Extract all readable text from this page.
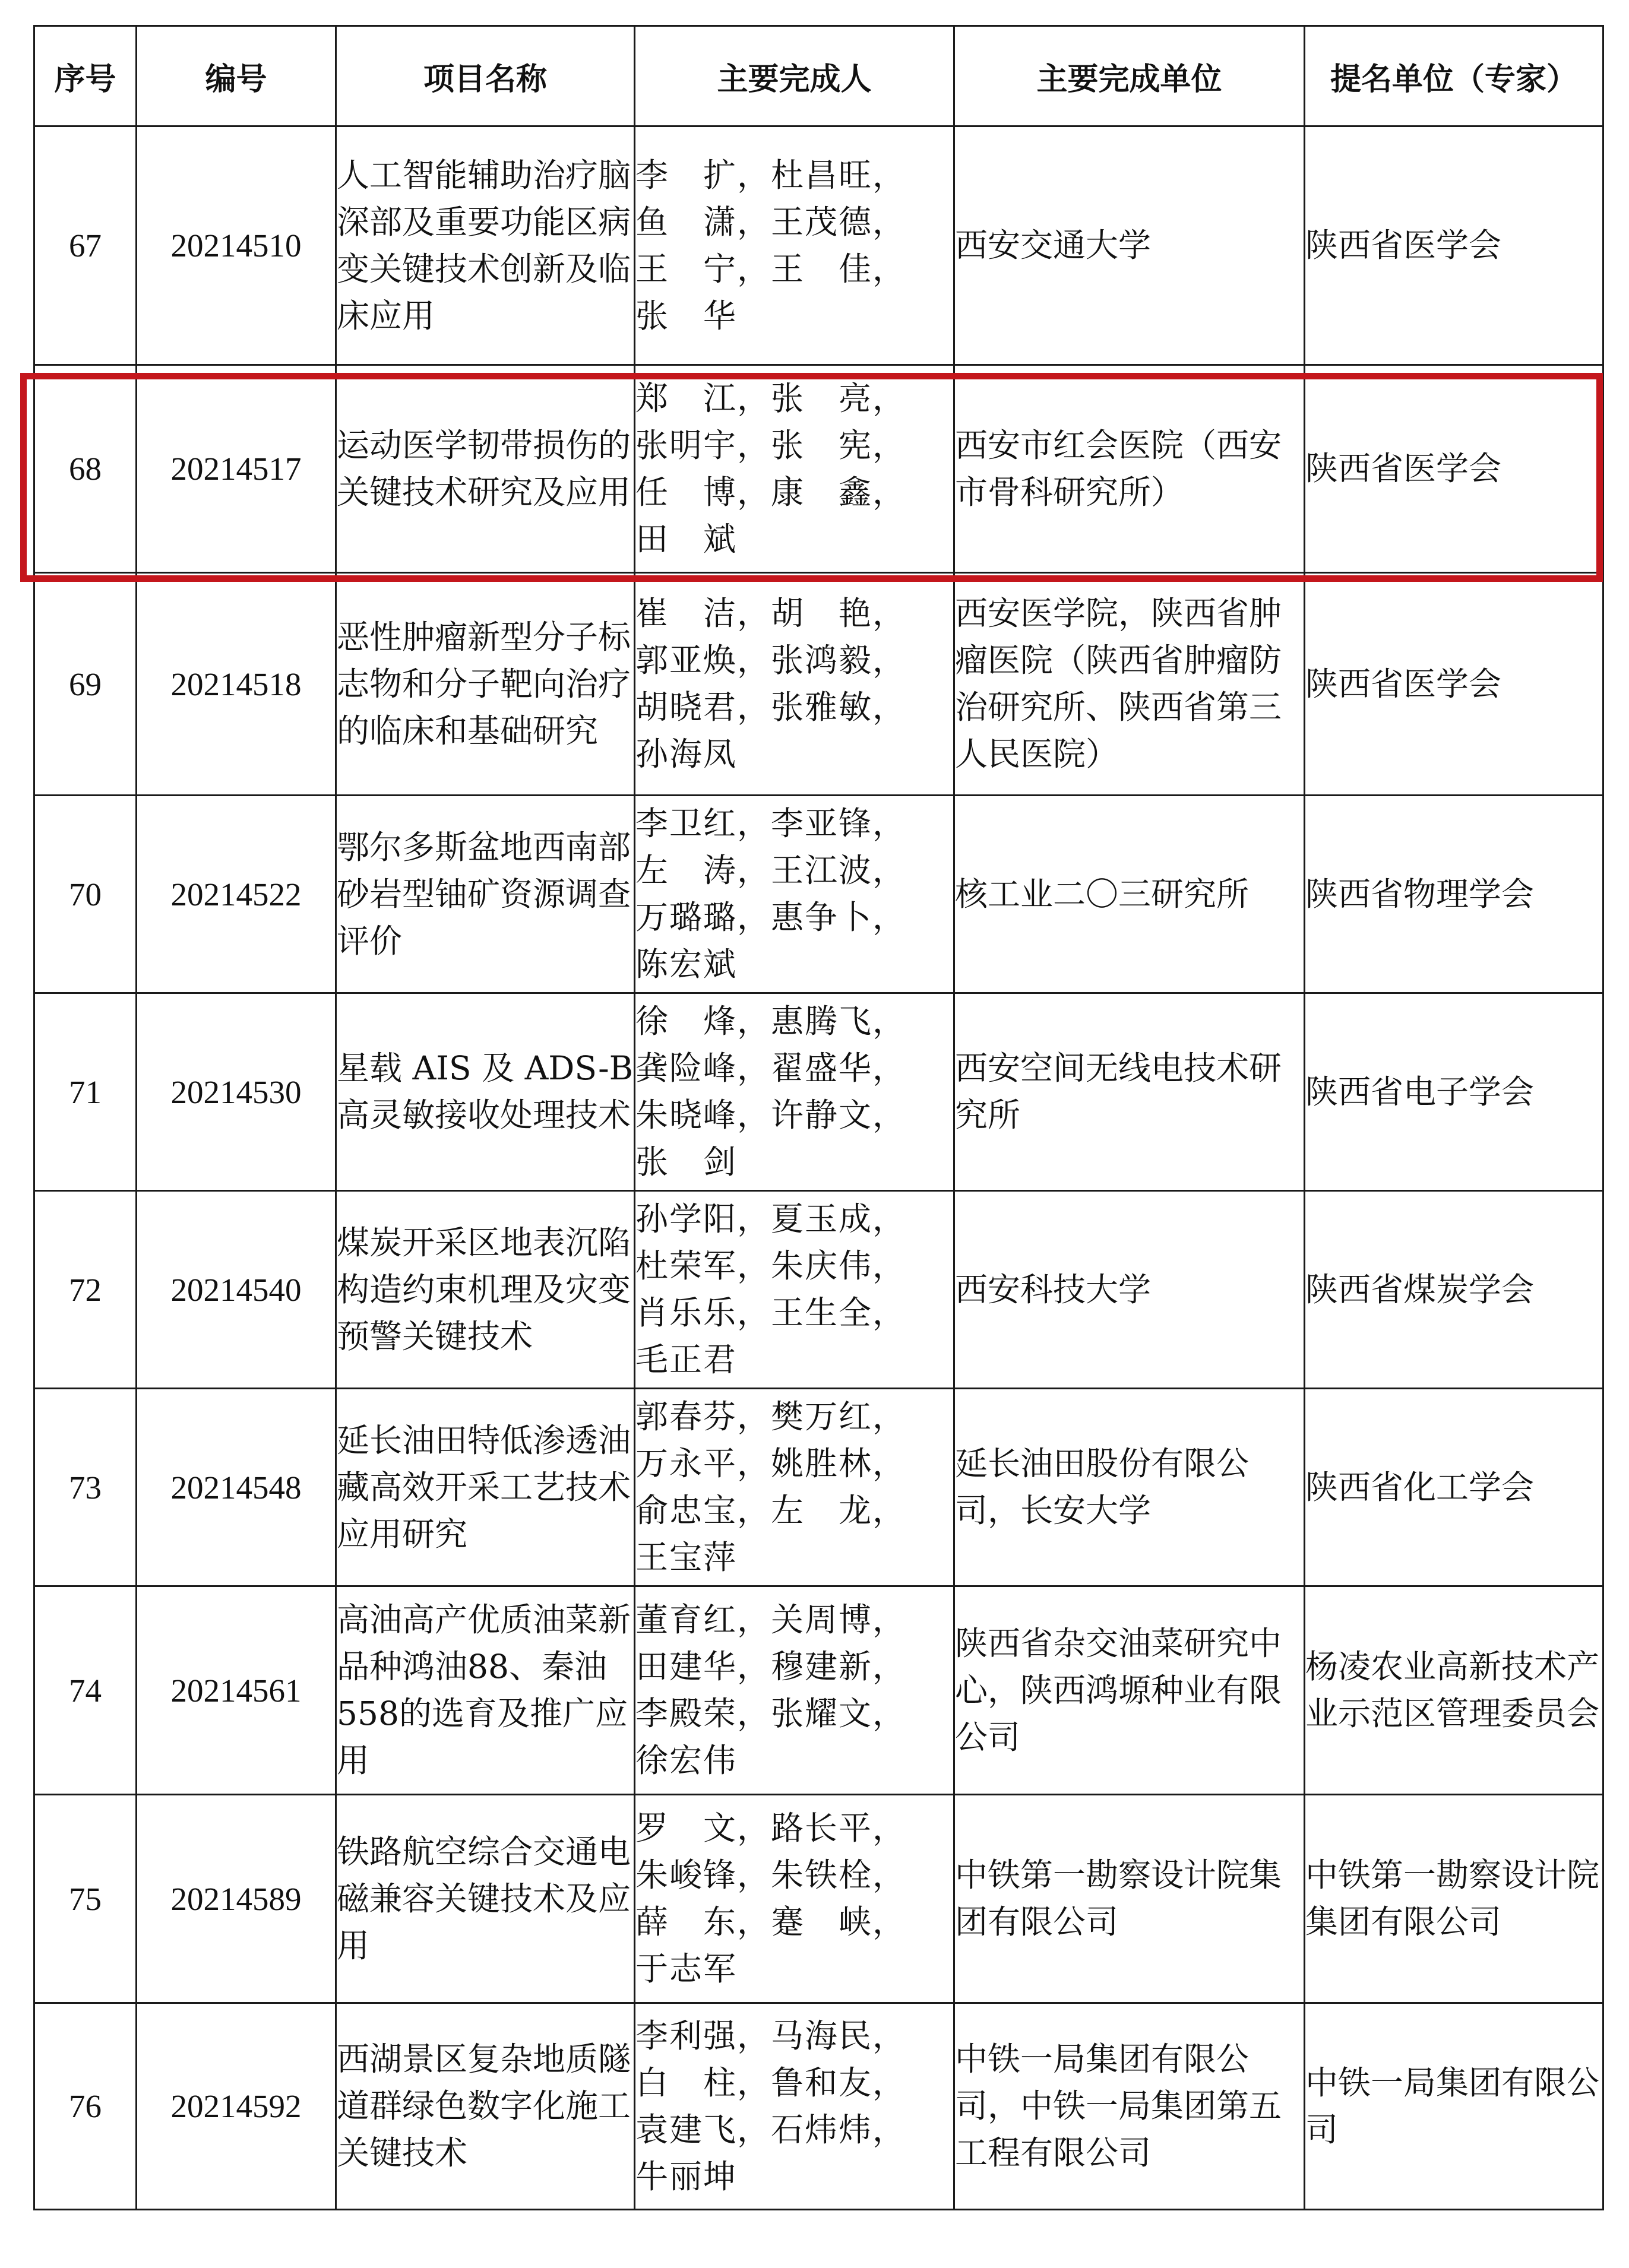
序号	编号	项目名称	主要完成人	主要完成单位	提名单位（专家）
67	20214510	人工智能辅助治疗脑深部及重要功能区病变关键技术创新及临床应用	李　扩，杜昌旺，
鱼　潇，王茂德，
王　宁，王　佳，
张　华	西安交通大学	陕西省医学会
68	20214517	运动医学韧带损伤的关键技术研究及应用	郑　江，张　亮，
张明宇，张　宪，
任　博，康　鑫，
田　斌	西安市红会医院（西安市骨科研究所）	陕西省医学会
69	20214518	恶性肿瘤新型分子标志物和分子靶向治疗的临床和基础研究	崔　洁，胡　艳，
郭亚焕，张鸿毅，
胡晓君，张雅敏，
孙海凤	西安医学院，陕西省肿瘤医院（陕西省肿瘤防治研究所、陕西省第三人民医院）	陕西省医学会
70	20214522	鄂尔多斯盆地西南部砂岩型铀矿资源调查评价	李卫红，李亚锋，
左　涛，王江波，
万璐璐，惠争卜，
陈宏斌	核工业二〇三研究所	陕西省物理学会
71	20214530	星载 AIS 及 ADS-B 高灵敏接收处理技术	徐　烽，惠腾飞，
龚险峰，翟盛华，
朱晓峰，许静文，
张　剑	西安空间无线电技术研究所	陕西省电子学会
72	20214540	煤炭开采区地表沉陷构造约束机理及灾变预警关键技术	孙学阳，夏玉成，
杜荣军，朱庆伟，
肖乐乐，王生全，
毛正君	西安科技大学	陕西省煤炭学会
73	20214548	延长油田特低渗透油藏高效开采工艺技术应用研究	郭春芬，樊万红，
万永平，姚胜林，
俞忠宝，左　龙，
王宝萍	延长油田股份有限公司，长安大学	陕西省化工学会
74	20214561	高油高产优质油菜新品种鸿油88、秦油558的选育及推广应用	董育红，关周博，
田建华，穆建新，
李殿荣，张耀文，
徐宏伟	陕西省杂交油菜研究中心，陕西鸿塬种业有限公司	杨凌农业高新技术产业示范区管理委员会
75	20214589	铁路航空综合交通电磁兼容关键技术及应用	罗　文，路长平，
朱峻锋，朱铁栓，
薛　东，蹇　峡，
于志军	中铁第一勘察设计院集团有限公司	中铁第一勘察设计院集团有限公司
76	20214592	西湖景区复杂地质隧道群绿色数字化施工关键技术	李利强，马海民，
白　柱，鲁和友，
袁建飞，石炜炜，
牛丽坤	中铁一局集团有限公司，中铁一局集团第五工程有限公司	中铁一局集团有限公司
